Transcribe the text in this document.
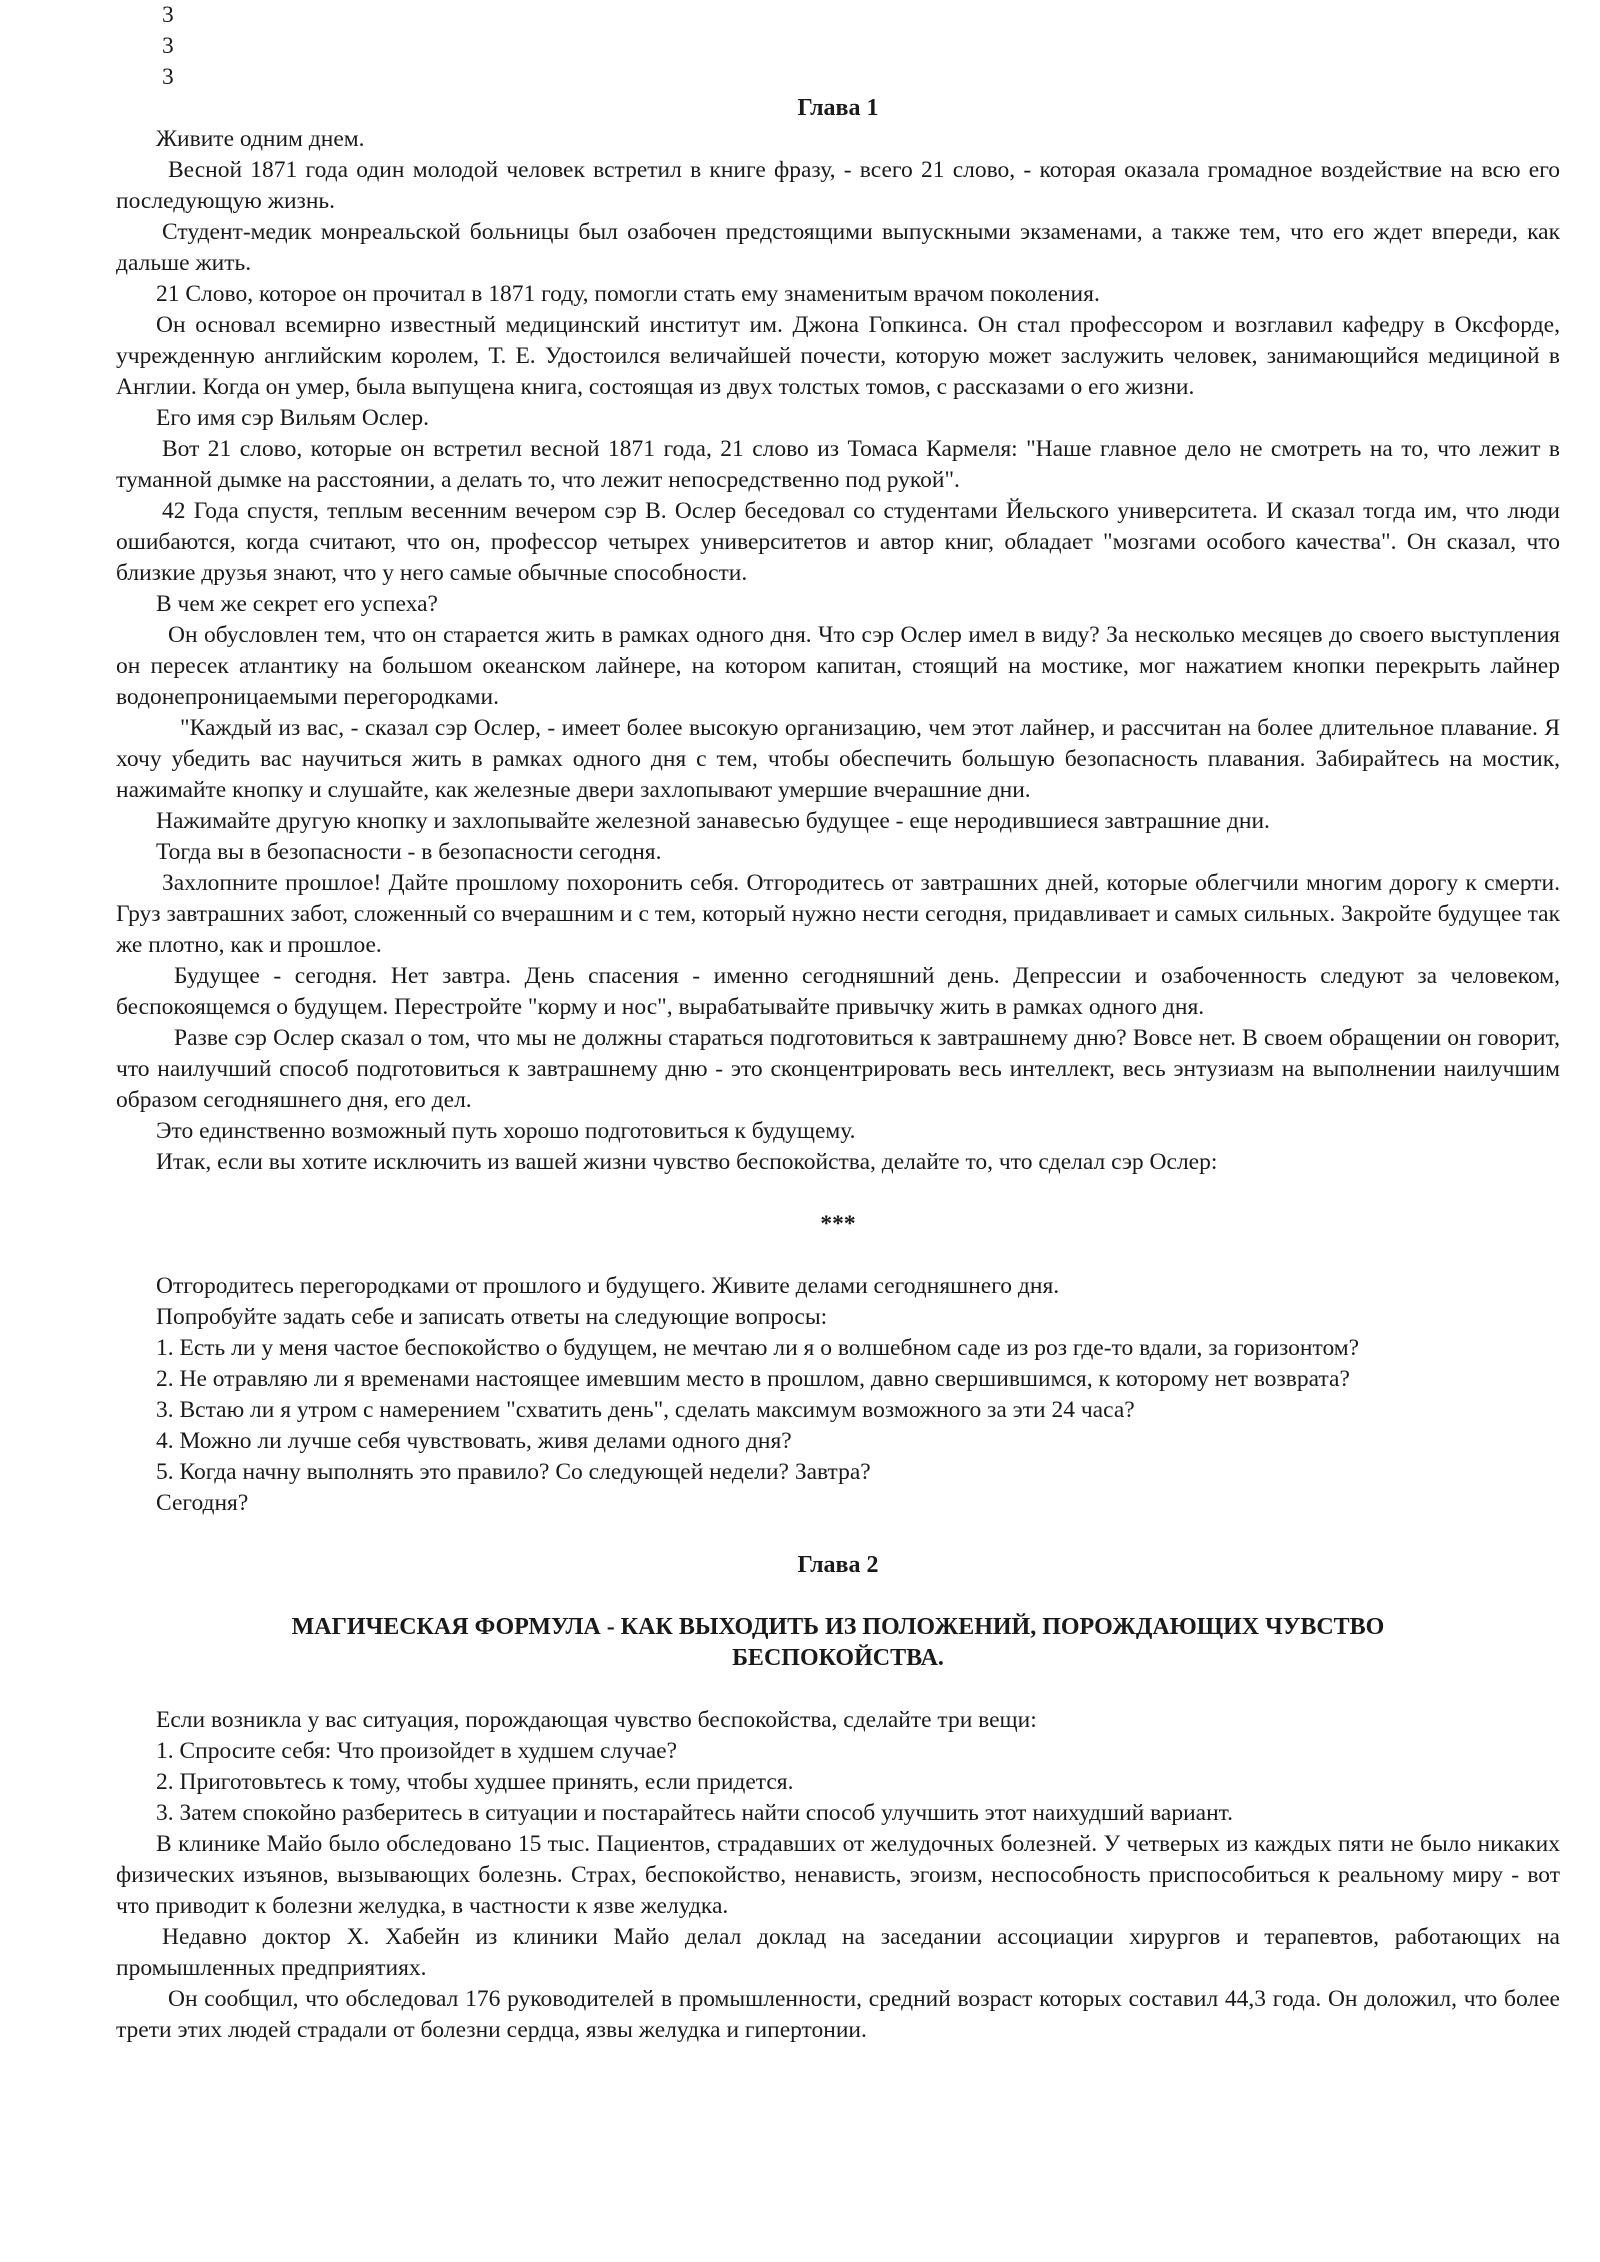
3
3
3
Глава 1

Живите одним днем.

Весной 1871 года один молодой человек встретил в книге фразу, - всего 21 слово, - которая оказала громадное воздействие на всю его последующую жизнь.

Студент-медик монреальской больницы был озабочен предстоящими выпускными экзаменами, а также тем, что его ждет впереди, как дальше жить.

21 Слово, которое он прочитал в 1871 году, помогли стать ему знаменитым врачом поколения.

Он основал всемирно известный медицинский институт им. Джона Гопкинса. Он стал профессором и возглавил кафедру в Оксфорде, учрежденную английским королем, Т. Е. Удостоился величайшей почести, которую может заслужить человек, занимающийся медициной в Англии. Когда он умер, была выпущена книга, состоящая из двух толстых томов, с рассказами о его жизни.

Его имя сэр Вильям Ослер.

Вот 21 слово, которые он встретил весной 1871 года, 21 слово из Томаса Кармеля: "Наше главное дело не смотреть на то, что лежит в туманной дымке на расстоянии, а делать то, что лежит непосредственно под рукой".

42 Года спустя, теплым весенним вечером сэр В. Ослер беседовал со студентами Йельского университета. И сказал тогда им, что люди ошибаются, когда считают, что он, профессор четырех университетов и автор книг, обладает "мозгами особого качества". Он сказал, что близкие друзья знают, что у него самые обычные способности.

В чем же секрет его успеха?

Он обусловлен тем, что он старается жить в рамках одного дня. Что сэр Ослер имел в виду? За несколько месяцев до своего выступления он пересек атлантику на большом океанском лайнере, на котором капитан, стоящий на мостике, мог нажатием кнопки перекрыть лайнер водонепроницаемыми перегородками.

"Каждый из вас, - сказал сэр Ослер, - имеет более высокую организацию, чем этот лайнер, и рассчитан на более длительное плавание. Я хочу убедить вас научиться жить в рамках одного дня с тем, чтобы обеспечить большую безопасность плавания. Забирайтесь на мостик, нажимайте кнопку и слушайте, как железные двери захлопывают умершие вчерашние дни.

Нажимайте другую кнопку и захлопывайте железной занавесью будущее - еще неродившиеся завтрашние дни.

Тогда вы в безопасности - в безопасности сегодня.

Захлопните прошлое! Дайте прошлому похоронить себя. Отгородитесь от завтрашних дней, которые облегчили многим дорогу к смерти. Груз завтрашних забот, сложенный со вчерашним и с тем, который нужно нести сегодня, придавливает и самых сильных. Закройте будущее так же плотно, как и прошлое.

Будущее - сегодня. Нет завтра. День спасения - именно сегодняшний день. Депрессии и озабоченность следуют за человеком, беспокоящемся о будущем. Перестройте "корму и нос", вырабатывайте привычку жить в рамках одного дня.

Разве сэр Ослер сказал о том, что мы не должны стараться подготовиться к завтрашнему дню? Вовсе нет. В своем обращении он говорит, что наилучший способ подготовиться к завтрашнему дню - это сконцентрировать весь интеллект, весь энтузиазм на выполнении наилучшим образом сегодняшнего дня, его дел.

Это единственно возможный путь хорошо подготовиться к будущему.

Итак, если вы хотите исключить из вашей жизни чувство беспокойства, делайте то, что сделал сэр Ослер:

***

Отгородитесь перегородками от прошлого и будущего. Живите делами сегодняшнего дня.

Попробуйте задать себе и записать ответы на следующие вопросы:

1. Есть ли у меня частое беспокойство о будущем, не мечтаю ли я о волшебном саде из роз где-то вдали, за горизонтом?

2. Не отравляю ли я временами настоящее имевшим место в прошлом, давно свершившимся, к которому нет возврата?

3. Встаю ли я утром с намерением "схватить день", сделать максимум возможного за эти 24 часа?

4. Можно ли лучше себя чувствовать, живя делами одного дня?

5. Когда начну выполнять это правило? Со следующей недели? Завтра?

Сегодня?

Глава 2
МАГИЧЕСКАЯ ФОРМУЛА - КАК ВЫХОДИТЬ ИЗ ПОЛОЖЕНИЙ, ПОРОЖДАЮЩИХ ЧУВСТВО
БЕСПОКОЙСТВА.

Если возникла у вас ситуация, порождающая чувство беспокойства, сделайте три вещи:

1. Спросите себя: Что произойдет в худшем случае?

2. Приготовьтесь к тому, чтобы худшее принять, если придется.

3. Затем спокойно разберитесь в ситуации и постарайтесь найти способ улучшить этот наихудший вариант.

В клинике Майо было обследовано 15 тыс. Пациентов, страдавших от желудочных болезней. У четверых из каждых пяти не было никаких физических изъянов, вызывающих болезнь. Страх, беспокойство, ненависть, эгоизм, неспособность приспособиться к реальному миру - вот что приводит к болезни желудка, в частности к язве желудка.

Недавно доктор Х. Хабейн из клиники Майо делал доклад на заседании ассоциации хирургов и терапевтов, работающих на промышленных предприятиях.

Он сообщил, что обследовал 176 руководителей в промышленности, средний возраст которых составил 44,3 года. Он доложил, что более трети этих людей страдали от болезни сердца, язвы желудка и гипертонии.
